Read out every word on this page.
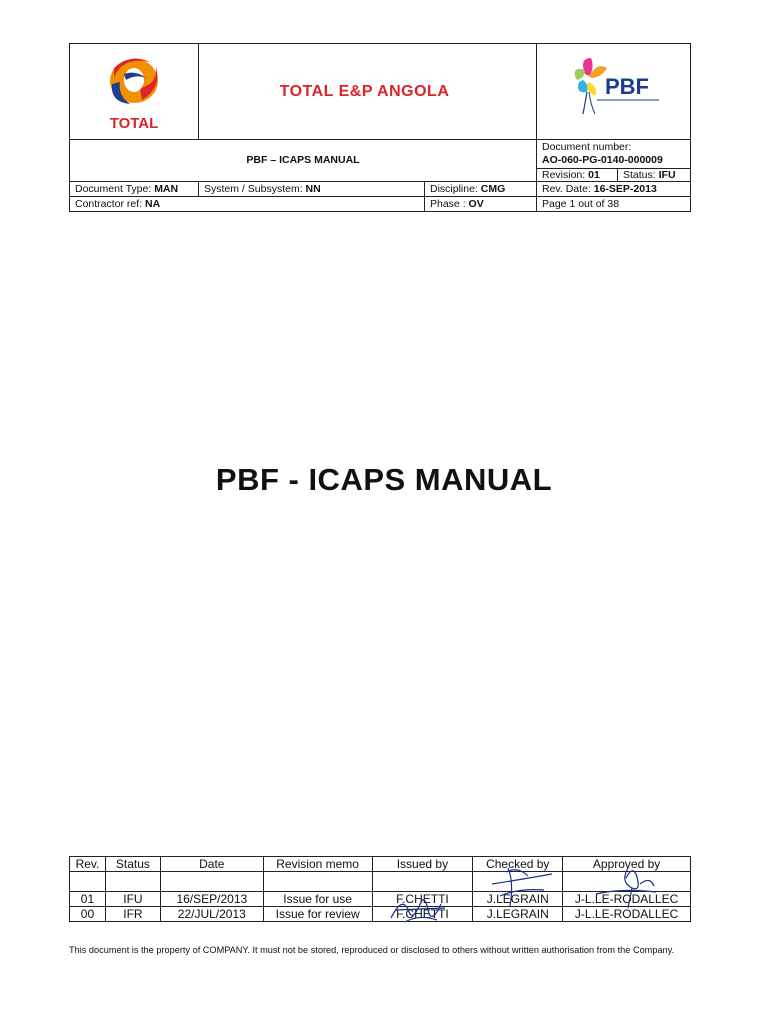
TOTAL
TOTAL E&P ANGOLA	PBF
PBF – ICAPS MANUAL
Document number:
AO-060-PG-0140-000009
Revision: 01	Status: IFU
Document Type: MAN	System / Subsystem: NN	Discipline: CMG	Rev. Date: 16-SEP-2013
Contractor ref: NA	Phase : OV	Page 1 out of 38
PBF - ICAPS MANUAL
Rev.	Status	Date	Revision memo	Issued by	Checked by	Approved by

01	IFU	16/SEP/2013	Issue for use	F.CHETTI	J.LEGRAIN	J-L.LE-RODALLEC
00	IFR	22/JUL/2013	Issue for review	F.CHETTI	J.LEGRAIN	J-L.LE-RODALLEC
This document is the property of COMPANY. It must not be stored, reproduced or disclosed to others without written authorisation from the Company.
